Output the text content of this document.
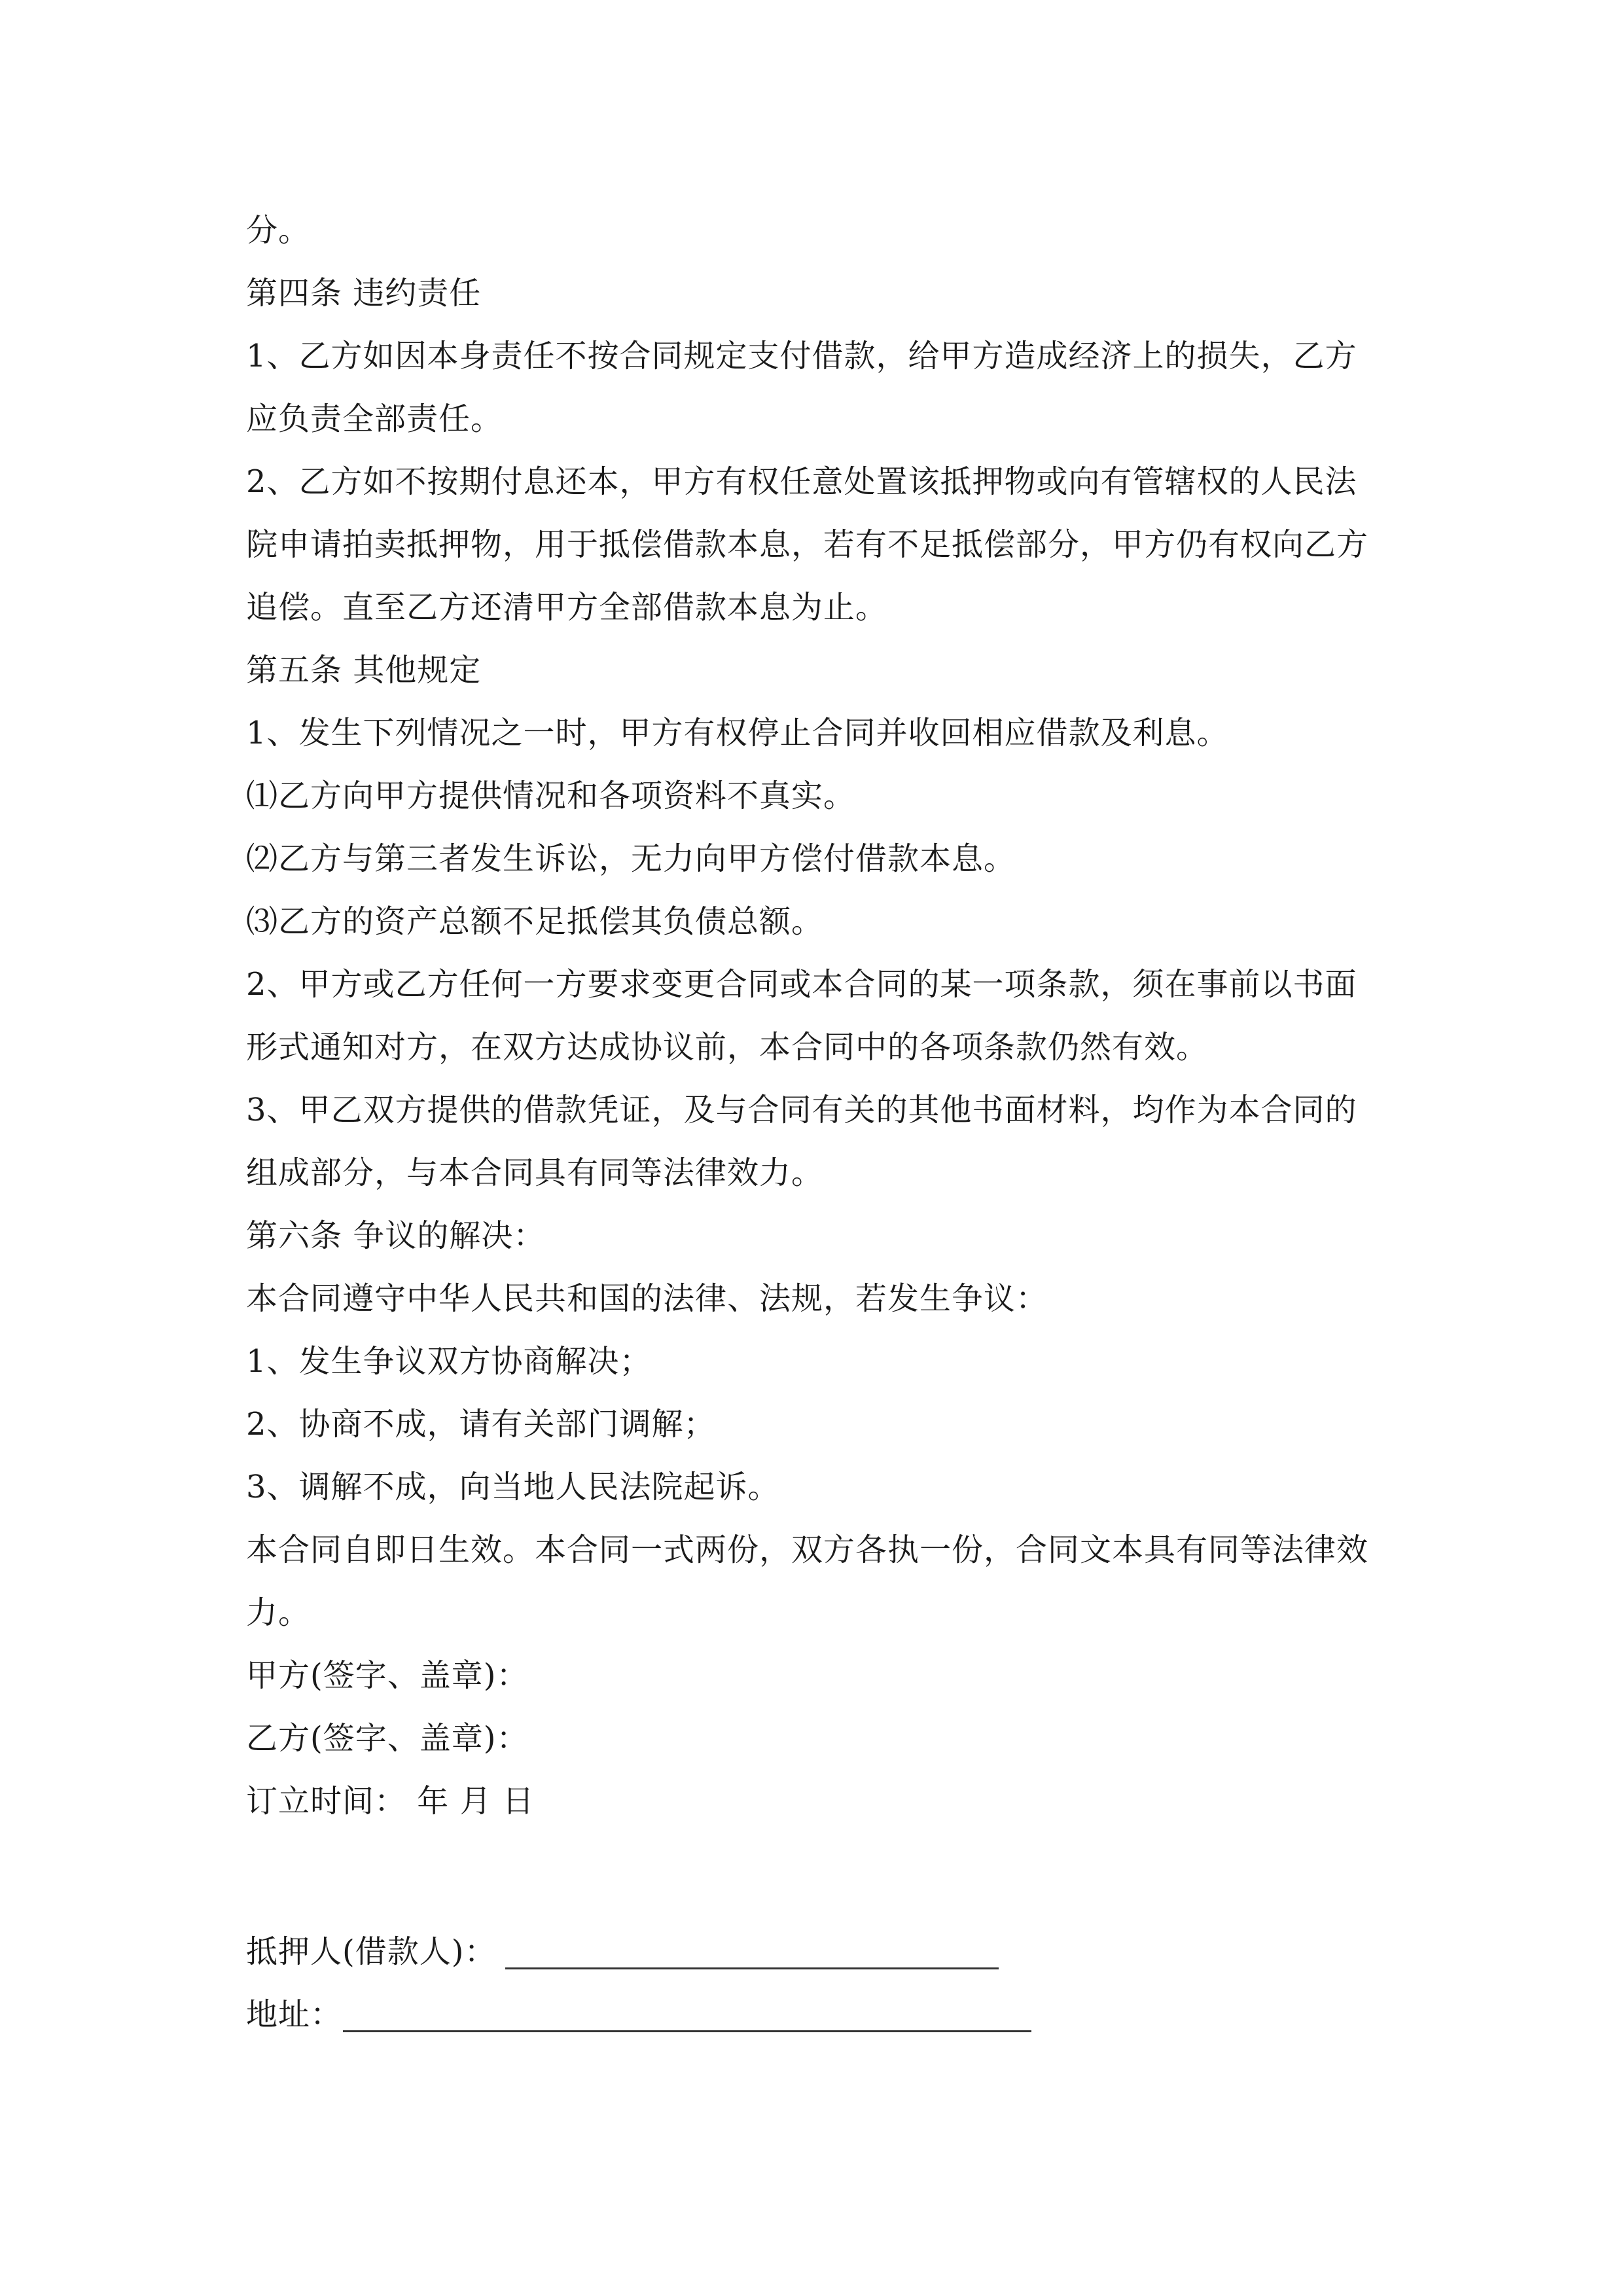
分。
第四条 违约责任
1、乙方如因本身责任不按合同规定支付借款，给甲方造成经济上的损失，乙方
应负责全部责任。
2、乙方如不按期付息还本，甲方有权任意处置该抵押物或向有管辖权的人民法
院申请拍卖抵押物，用于抵偿借款本息，若有不足抵偿部分，甲方仍有权向乙方
追偿。直至乙方还清甲方全部借款本息为止。
第五条 其他规定
1、发生下列情况之一时，甲方有权停止合同并收回相应借款及利息。
⑴乙方向甲方提供情况和各项资料不真实。
⑵乙方与第三者发生诉讼，无力向甲方偿付借款本息。
⑶乙方的资产总额不足抵偿其负债总额。
2、甲方或乙方任何一方要求变更合同或本合同的某一项条款，须在事前以书面
形式通知对方，在双方达成协议前，本合同中的各项条款仍然有效。
3、甲乙双方提供的借款凭证，及与合同有关的其他书面材料，均作为本合同的
组成部分，与本合同具有同等法律效力。
第六条 争议的解决：
本合同遵守中华人民共和国的法律、法规，若发生争议：
1、发生争议双方协商解决；
2、协商不成，请有关部门调解；
3、调解不成，向当地人民法院起诉。
本合同自即日生效。本合同一式两份，双方各执一份，合同文本具有同等法律效
力。
甲方(签字、盖章)：
乙方(签字、盖章)：
订立时间： 年 月 日
抵押人(借款人)：
地址：
